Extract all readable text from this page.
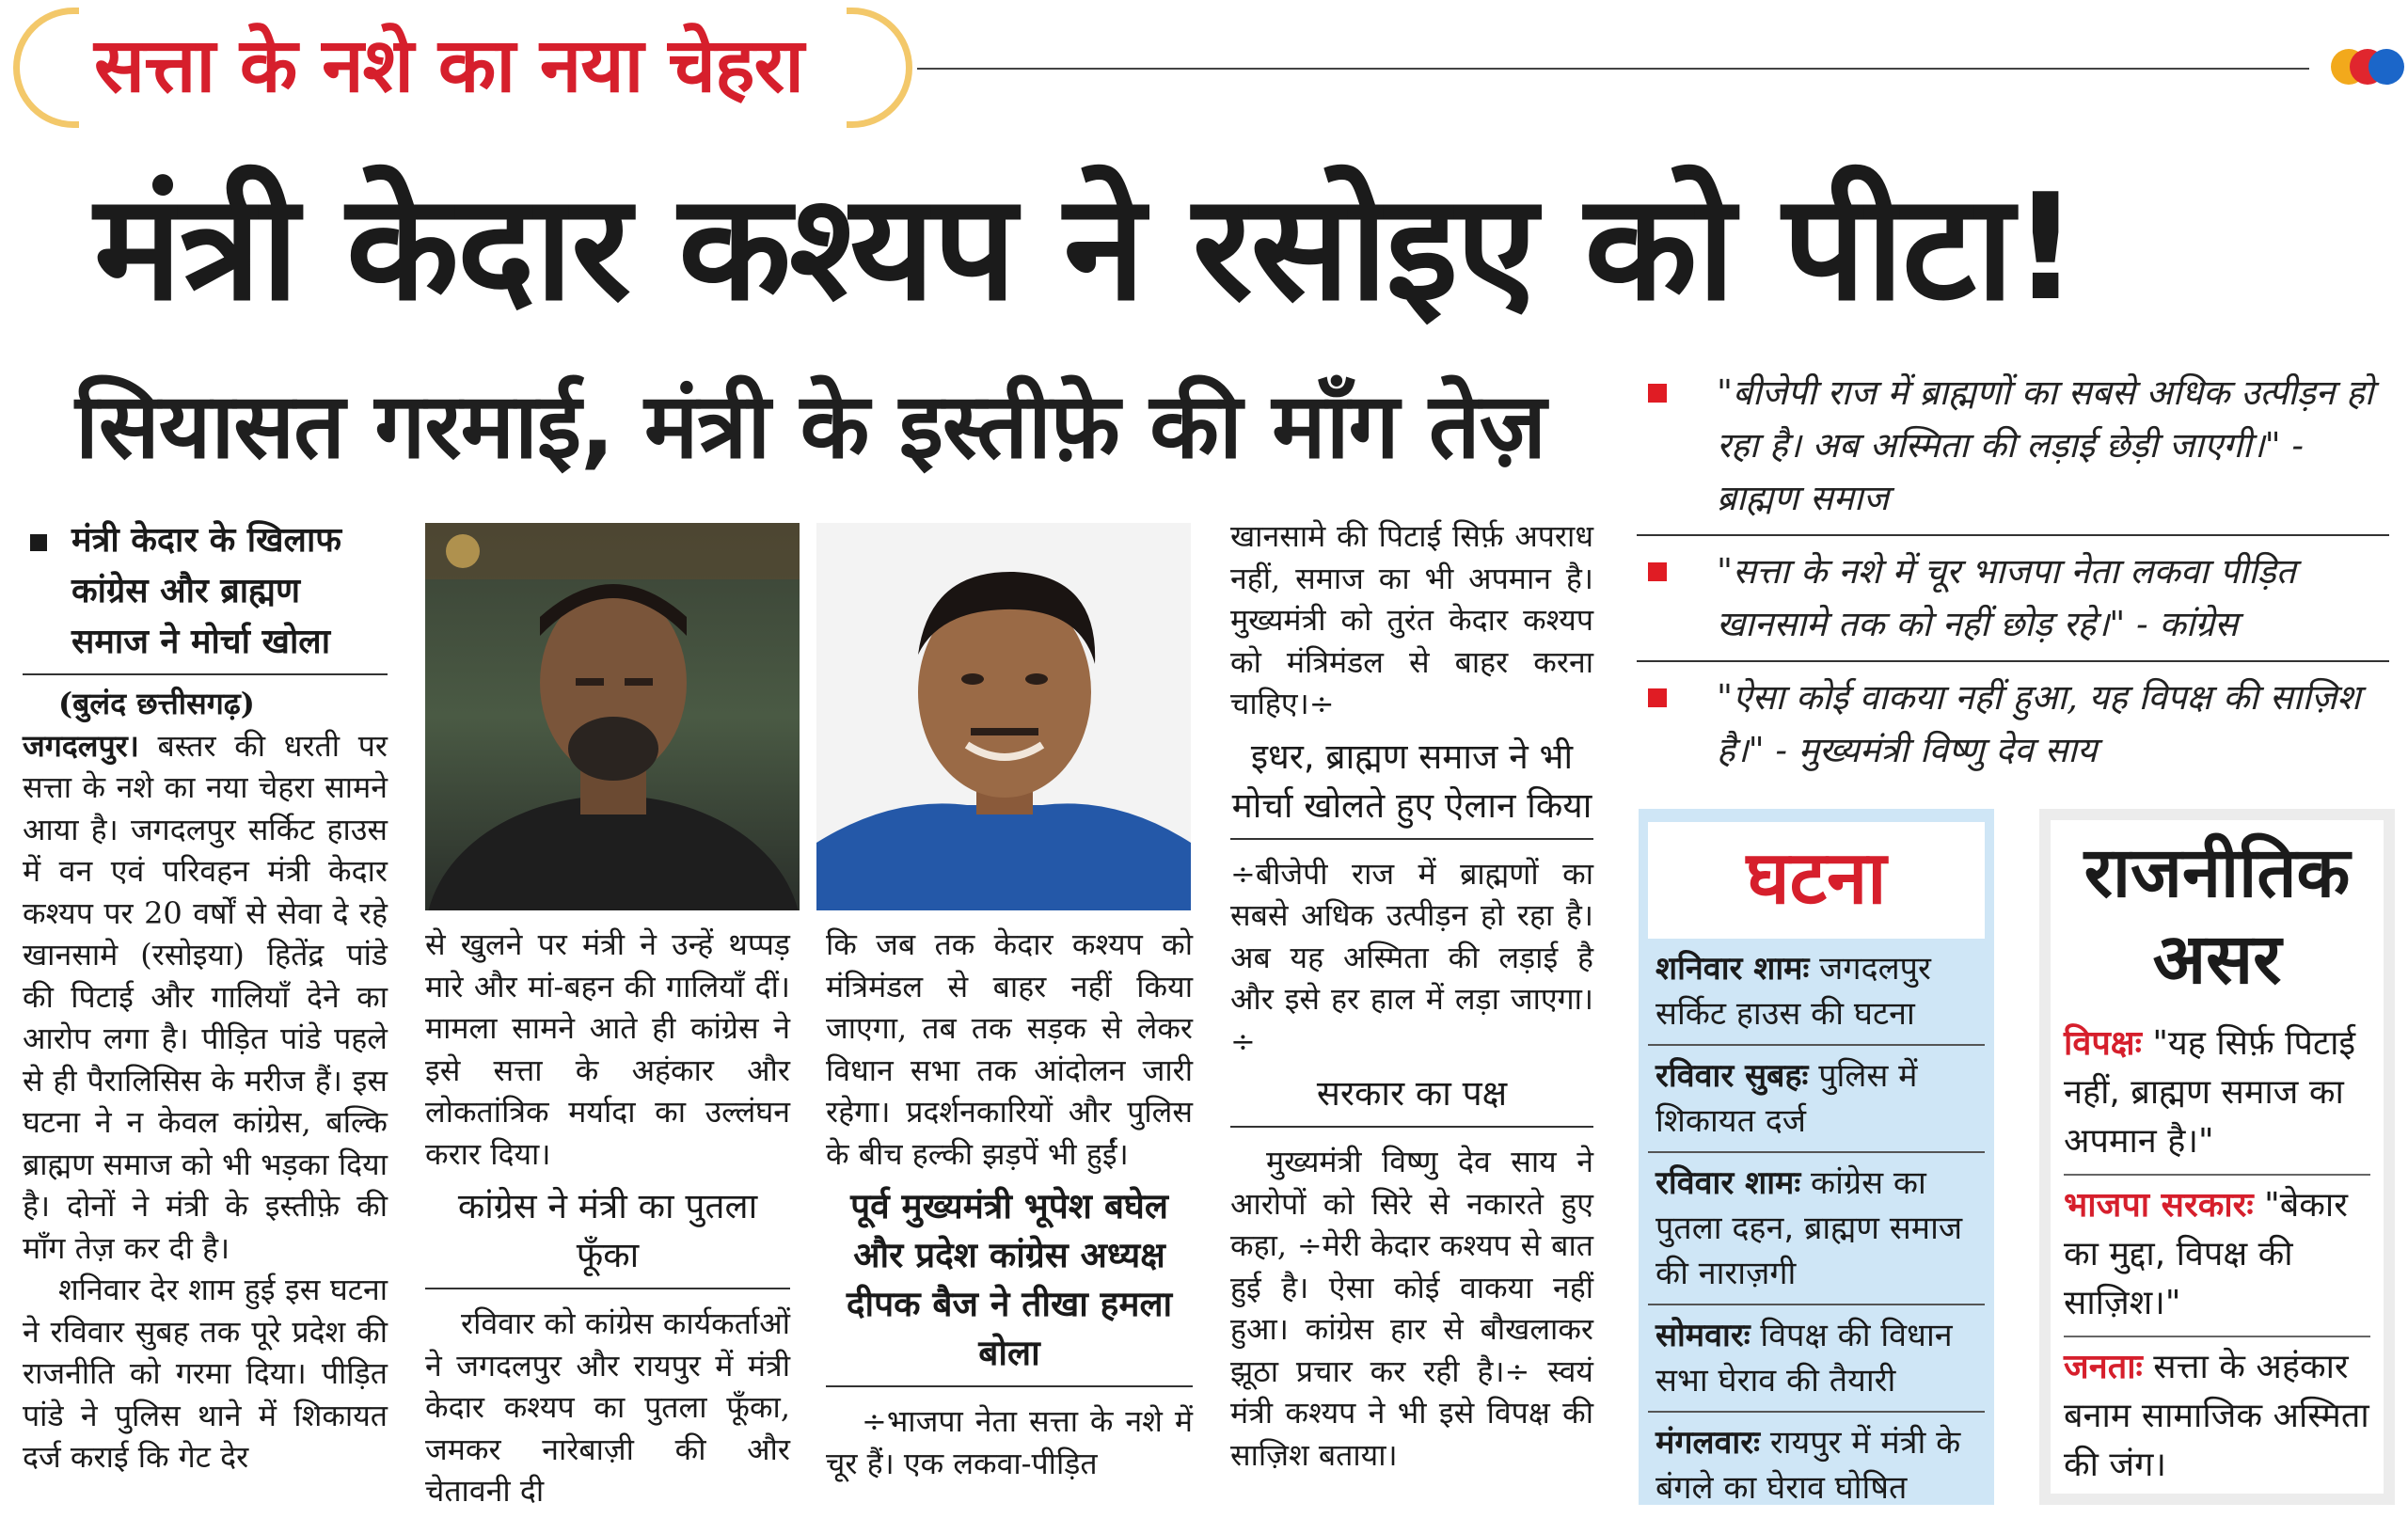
सत्ता के नशे का नया चेहरा
मंत्री केदार कश्यप ने रसोइए को पीटा!
सियासत गरमाई, मंत्री के इस्तीफ़े की माँग तेज़	"बीजेपी राज में ब्राह्मणों का सबसे अधिक उत्पीड़न हो रहा है। अब अस्मिता की लड़ाई छेड़ी जाएगी।" - ब्राह्मण समाज
"सत्ता के नशे में चूर भाजपा नेता लकवा पीड़ित खानसामे तक को नहीं छोड़ रहे।" - कांग्रेस
"ऐसा कोई वाकया नहीं हुआ, यह विपक्ष की साज़िश है।" - मुख्यमंत्री विष्णु देव साय
मंत्री केदार के खिलाफ कांग्रेस और ब्राह्मण समाज ने मोर्चा खोला
(बुलंद छत्तीसगढ़)

जगदलपुर। बस्तर की धरती पर सत्ता के नशे का नया चेहरा सामने आया है। जगदलपुर सर्किट हाउस में वन एवं परिवहन मंत्री केदार कश्यप पर 20 वर्षों से सेवा दे रहे खानसामे (रसोइया) हितेंद्र पांडे की पिटाई और गालियाँ देने का आरोप लगा है। पीड़ित पांडे पहले से ही पैरालिसिस के मरीज हैं। इस घटना ने न केवल कांग्रेस, बल्कि ब्राह्मण समाज को भी भड़का दिया है। दोनों ने मंत्री के इस्तीफ़े की माँग तेज़ कर दी है।

शनिवार देर शाम हुई इस घटना ने रविवार सुबह तक पूरे प्रदेश की राजनीति को गरमा दिया। पीड़ित पांडे ने पुलिस थाने में शिकायत दर्ज कराई कि गेट देर

से खुलने पर मंत्री ने उन्हें थप्पड़ मारे और मां-बहन की गालियाँ दीं। मामला सामने आते ही कांग्रेस ने इसे सत्ता के अहंकार और लोकतांत्रिक मर्यादा का उल्लंघन करार दिया।

कांग्रेस ने मंत्री का पुतला फूँका

रविवार को कांग्रेस कार्यकर्ताओं ने जगदलपुर और रायपुर में मंत्री केदार कश्यप का पुतला फूँका, जमकर नारेबाज़ी की और चेतावनी दी

कि जब तक केदार कश्यप को मंत्रिमंडल से बाहर नहीं किया जाएगा, तब तक सड़क से लेकर विधान सभा तक आंदोलन जारी रहेगा। प्रदर्शनकारियों और पुलिस के बीच हल्की झड़पें भी हुईं।

पूर्व मुख्यमंत्री भूपेश बघेल और प्रदेश कांग्रेस अध्यक्ष दीपक बैज ने तीखा हमला बोला

÷भाजपा नेता सत्ता के नशे में चूर हैं। एक लकवा-पीड़ित

खानसामे की पिटाई सिर्फ़ अपराध नहीं, समाज का भी अपमान है। मुख्यमंत्री को तुरंत केदार कश्यप को मंत्रिमंडल से बाहर करना चाहिए।÷

इधर, ब्राह्मण समाज ने भी मोर्चा खोलते हुए ऐलान किया

÷बीजेपी राज में ब्राह्मणों का सबसे अधिक उत्पीड़न हो रहा है। अब यह अस्मिता की लड़ाई है और इसे हर हाल में लड़ा जाएगा।÷

सरकार का पक्ष

मुख्यमंत्री विष्णु देव साय ने आरोपों को सिरे से नकारते हुए कहा, ÷मेरी केदार कश्यप से बात हुई है। ऐसा कोई वाकया नहीं हुआ। कांग्रेस हार से बौखलाकर झूठा प्रचार कर रही है।÷ स्वयं मंत्री कश्यप ने भी इसे विपक्ष की साज़िश बताया।

घटना
शनिवार शामः जगदलपुर सर्किट हाउस की घटना
रविवार सुबहः पुलिस में शिकायत दर्ज
रविवार शामः कांग्रेस का पुतला दहन, ब्राह्मण समाज की नाराज़गी
सोमवारः विपक्ष की विधान सभा घेराव की तैयारी
मंगलवारः रायपुर में मंत्री के बंगले का घेराव घोषित
राजनीतिक असर
विपक्षः "यह सिर्फ़ पिटाई नहीं, ब्राह्मण समाज का अपमान है।"
भाजपा सरकारः "बेकार का मुद्दा, विपक्ष की साज़िश।"
जनताः सत्ता के अहंकार बनाम सामाजिक अस्मिता की जंग।
